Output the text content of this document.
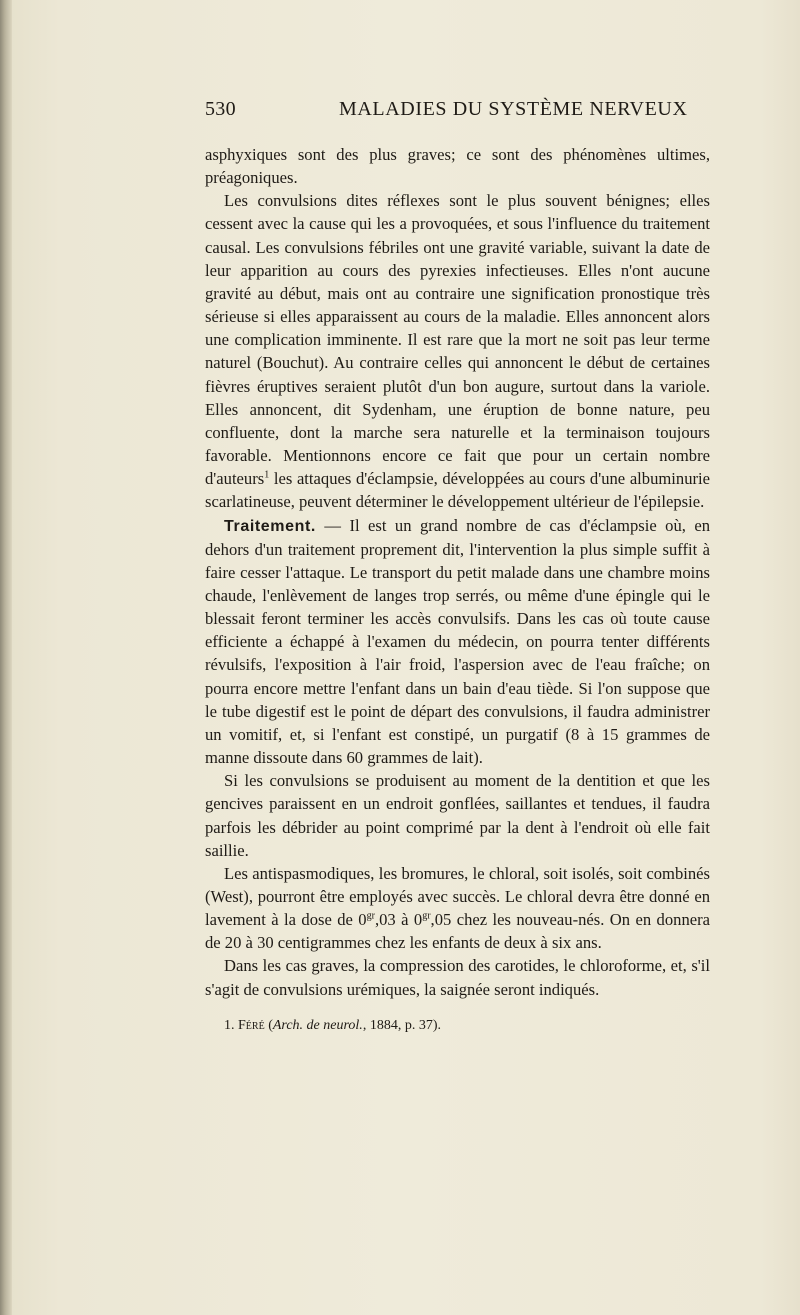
530	MALADIES DU SYSTÈME NERVEUX

asphyxiques sont des plus graves; ce sont des phénomènes ultimes, préagoniques.

Les convulsions dites réflexes sont le plus souvent bénignes; elles cessent avec la cause qui les a provoquées, et sous l'influence du traitement causal. Les convulsions fébriles ont une gravité variable, suivant la date de leur apparition au cours des pyrexies infectieuses. Elles n'ont aucune gravité au début, mais ont au contraire une signification pronostique très sérieuse si elles apparaissent au cours de la maladie. Elles annoncent alors une complication imminente. Il est rare que la mort ne soit pas leur terme naturel (Bouchut). Au contraire celles qui annoncent le début de certaines fièvres éruptives seraient plutôt d'un bon augure, surtout dans la variole. Elles annoncent, dit Sydenham, une éruption de bonne nature, peu confluente, dont la marche sera naturelle et la terminaison toujours favorable. Mentionnons encore ce fait que pour un certain nombre d'auteurs$^1$ les attaques d'éclampsie, développées au cours d'une albuminurie scarlatineuse, peuvent déterminer le développement ultérieur de l'épilepsie.

Traitement. — Il est un grand nombre de cas d'éclampsie où, en dehors d'un traitement proprement dit, l'intervention la plus simple suffit à faire cesser l'attaque. Le transport du petit malade dans une chambre moins chaude, l'enlèvement de langes trop serrés, ou même d'une épingle qui le blessait feront terminer les accès convulsifs. Dans les cas où toute cause efficiente a échappé à l'examen du médecin, on pourra tenter différents révulsifs, l'exposition à l'air froid, l'aspersion avec de l'eau fraîche; on pourra encore mettre l'enfant dans un bain d'eau tiède. Si l'on suppose que le tube digestif est le point de départ des convulsions, il faudra administrer un vomitif, et, si l'enfant est constipé, un purgatif (8 à 15 grammes de manne dissoute dans 60 grammes de lait).

Si les convulsions se produisent au moment de la dentition et que les gencives paraissent en un endroit gonflées, saillantes et tendues, il faudra parfois les débrider au point comprimé par la dent à l'endroit où elle fait saillie.

Les antispasmodiques, les bromures, le chloral, soit isolés, soit combinés (West), pourront être employés avec succès. Le chloral devra être donné en lavement à la dose de $0^{gr},03$ à $0^{gr},05$ chez les nouveau-nés. On en donnera de 20 à 30 centigrammes chez les enfants de deux à six ans.

Dans les cas graves, la compression des carotides, le chloroforme, et, s'il s'agit de convulsions urémiques, la saignée seront indiqués.

1. Féré (Arch. de neurol., 1884, p. 37).
